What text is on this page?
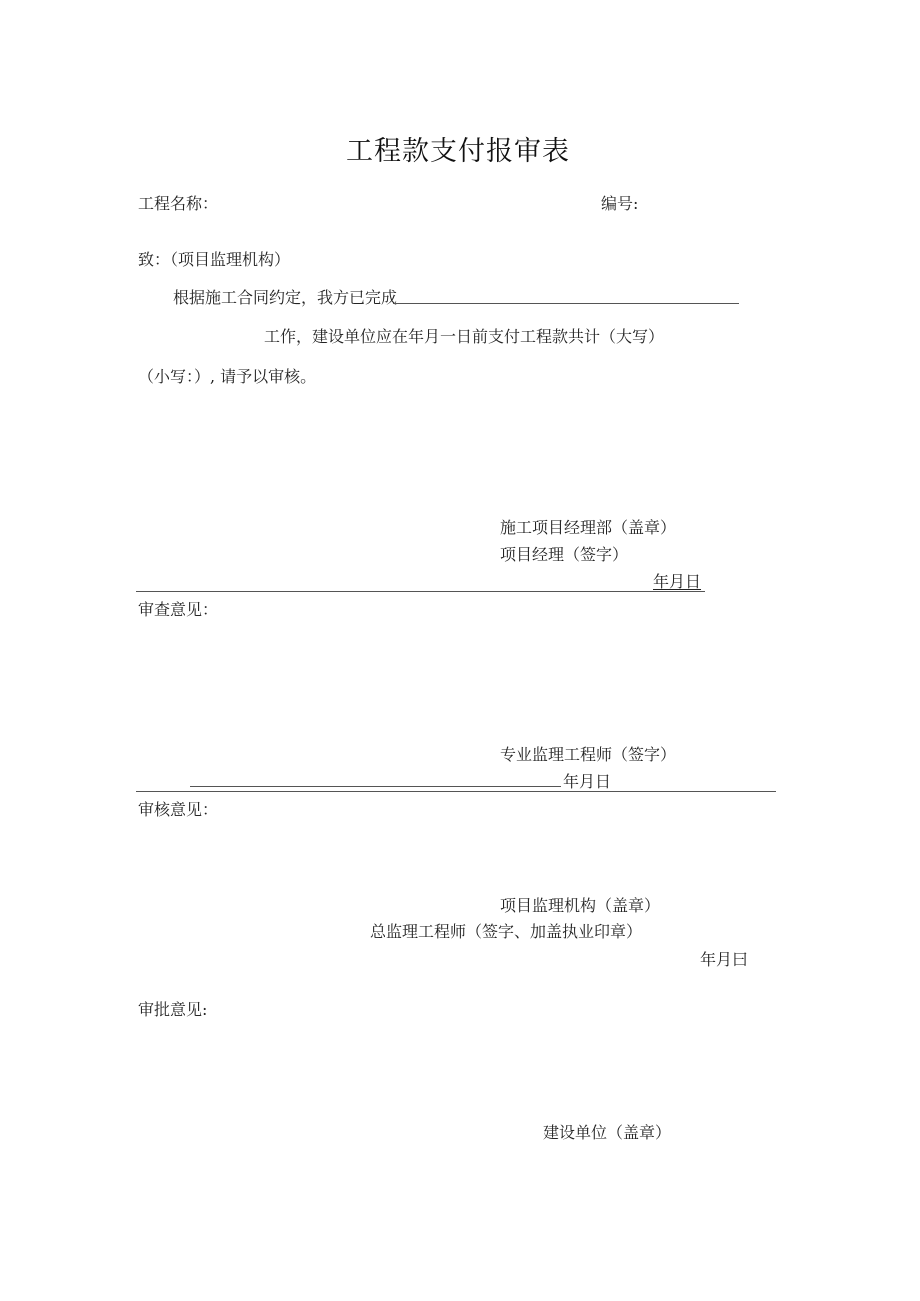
工程款支付报审表
工程名称：	编号:
致：（项目监理机构）
根据施工合同约定，我方已完成
工作，建设单位应在年月一日前支付工程款共计（大写）
（小写：）, 请予以审核。
施工项目经理部（盖章）
项目经理（签字）
年月日
审查意见：
专业监理工程师（签字）
年月日
审核意见：
项目监理机构（盖章）
总监理工程师（签字、加盖执业印章）
年月曰
审批意见:
建设单位（盖章）
